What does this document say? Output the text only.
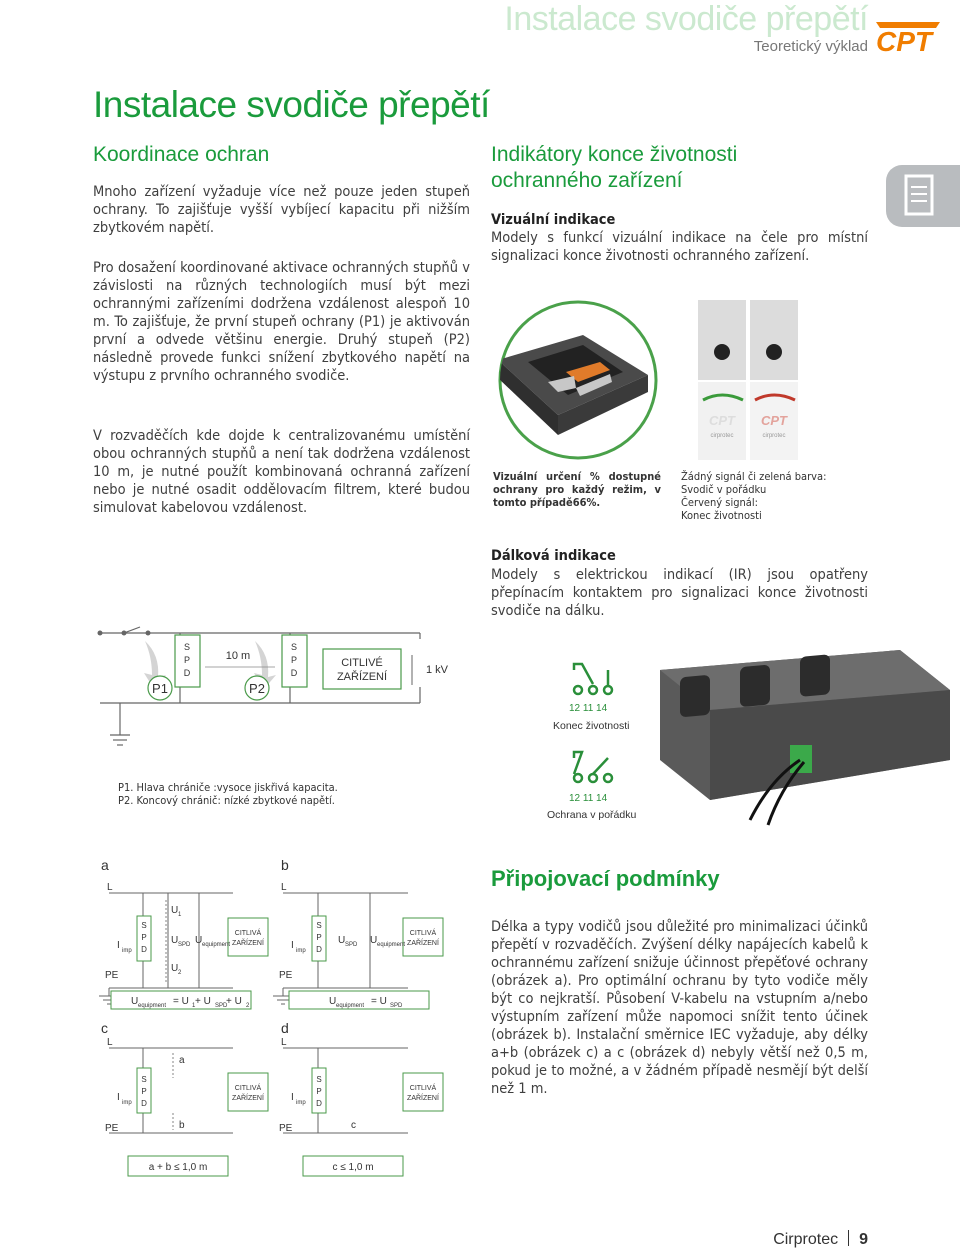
Instalace svodiče přepětí
Teoretický výklad CPT
Instalace svodiče přepětí
Koordinace ochran
Mnoho zařízení vyžaduje více než pouze jeden stupeň ochrany. To zajišťuje vyšší vybíjecí kapacitu při nižším zbytkovém napětí.
Pro dosažení koordinované aktivace ochranných stupňů v závislosti na různých technologiích musí být mezi ochrannými zařízeními dodržena vzdálenost alespoň 10 m. To zajišťuje, že první stupeň ochrany (P1) je aktivován první a odvede většinu energie. Druhý stupeň (P2) následně provede funkci snížení zbytkového napětí na výstupu z prvního ochranného svodiče.
V rozvaděčích kde dojde k centralizovanému umístění obou ochranných stupňů a není tak dodržena vzdálenost 10 m, je nutné použít kombinovaná ochranná zařízení nebo je nutné osadit oddělovacím filtrem, které budou simulovat kabelovou vzdálenost.
S
P
D
S
P
D
10 m
P1	P2
CITLIVÉ
ZAŘÍZENÍ
1 kV
P1. Hlava chrániče :vysoce jiskřivá kapacita.
P2. Koncový chránič: nízké zbytkové napětí.
Indikátory konce životnosti
ochranného zařízení
Vizuální indikace
Modely s funkcí vizuální indikace na čele pro místní signalizaci konce životnosti ochranného zařízení.
CPT CPT
cirprotec	cirprotec
Vizuální určení % dostupné ochrany pro každý režim, v tomto případě66%.
Žádný signál či zelená barva:
Svodič v pořádku
Červený signál:
Konec životnosti
Dálková indikace
Modely s elektrickou indikací (IR) jsou opatřeny přepínacím kontaktem pro signalizaci konce životnosti svodiče na dálku.
12 11 14
Konec životnosti
12 11 14
Ochrana v pořádku
a	b
c	d
L	L
L	L
PE	PE
PE	PE
I	I
I	I
imp	imp
imp	imp
S
P
D
S
P
D
S
P
D
S
P
D
U 1
U SPD U equipment
U 2
U SPD U equipment
CITLIVÁ
ZAŘÍZENÍ
CITLIVÁ
ZAŘÍZENÍ
CITLIVÁ
ZAŘÍZENÍ
CITLIVÁ
ZAŘÍZENÍ
U equipment = U 1 + U SPD
+ U 2	U equipment = U SPD
a
b	c
a + b ≤ 1,0 m	c ≤ 1,0 m
Připojovací podmínky
Délka a typy vodičů jsou důležité pro minimalizaci účinků přepětí v rozvaděčích. Zvýšení délky napájecích kabelů k ochrannému zařízení snižuje účinnost přepěťové ochrany (obrázek a). Pro optimální ochranu by tyto vodiče měly být co nejkratší. Působení V-kabelu na vstupním a/nebo výstupním zařízení může napomoci snížit tento účinek (obrázek b). Instalační směrnice IEC vyžaduje, aby délky a+b (obrázek c) a c (obrázek d) nebyly větší než 0,5 m, pokud je to možné, a v žádném případě nesmějí být delší než 1 m.
Cirprotec 9
